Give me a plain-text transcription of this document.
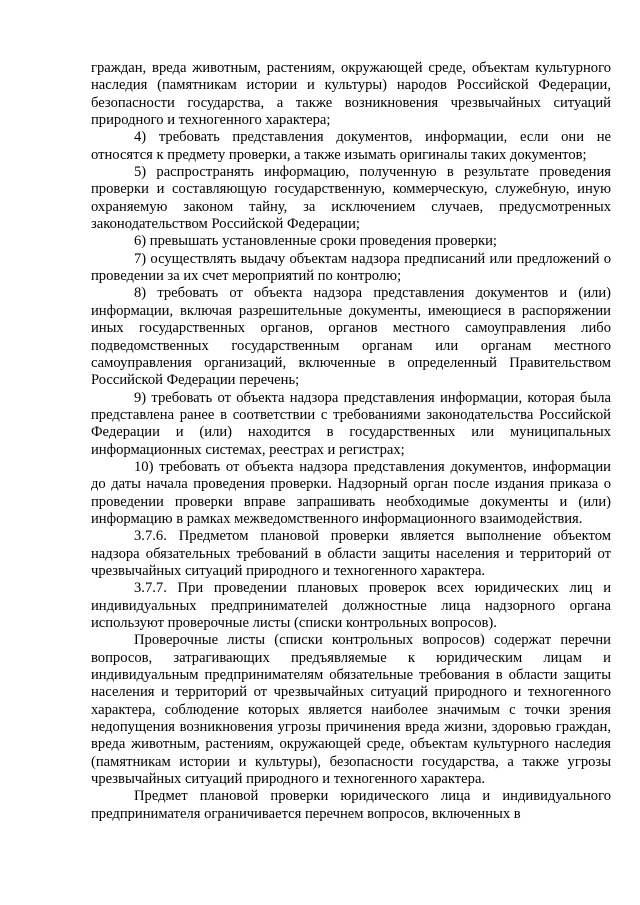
граждан, вреда животным, растениям, окружающей среде, объектам культурного наследия (памятникам истории и культуры) народов Российской Федерации, безопасности государства, а также возникновения чрезвычайных ситуаций природного и техногенного характера;

4) требовать представления документов, информации, если они не относятся к предмету проверки, а также изымать оригиналы таких документов;

5) распространять информацию, полученную в результате проведения проверки и составляющую государственную, коммерческую, служебную, иную охраняемую законом тайну, за исключением случаев, предусмотренных законодательством Российской Федерации;

6) превышать установленные сроки проведения проверки;

7) осуществлять выдачу объектам надзора предписаний или предложений о проведении за их счет мероприятий по контролю;

8) требовать от объекта надзора представления документов и (или) информации, включая разрешительные документы, имеющиеся в распоряжении иных государственных органов, органов местного самоуправления либо подведомственных государственным органам или органам местного самоуправления организаций, включенные в определенный Правительством Российской Федерации перечень;

9) требовать от объекта надзора представления информации, которая была представлена ранее в соответствии с требованиями законодательства Российской Федерации и (или) находится в государственных или муниципальных информационных системах, реестрах и регистрах;

10) требовать от объекта надзора представления документов, информации до даты начала проведения проверки. Надзорный орган после издания приказа о проведении проверки вправе запрашивать необходимые документы и (или) информацию в рамках межведомственного информационного взаимодействия.

3.7.6. Предметом плановой проверки является выполнение объектом надзора обязательных требований в области защиты населения и территорий от чрезвычайных ситуаций природного и техногенного характера.

3.7.7. При проведении плановых проверок всех юридических лиц и индивидуальных предпринимателей должностные лица надзорного органа используют проверочные листы (списки контрольных вопросов).

Проверочные листы (списки контрольных вопросов) содержат перечни вопросов, затрагивающих предъявляемые к юридическим лицам и индивидуальным предпринимателям обязательные требования в области защиты населения и территорий от чрезвычайных ситуаций природного и техногенного характера, соблюдение которых является наиболее значимым с точки зрения недопущения возникновения угрозы причинения вреда жизни, здоровью граждан, вреда животным, растениям, окружающей среде, объектам культурного наследия (памятникам истории и культуры), безопасности государства, а также угрозы чрезвычайных ситуаций природного и техногенного характера.

Предмет плановой проверки юридического лица и индивидуального предпринимателя ограничивается перечнем вопросов, включенных в
